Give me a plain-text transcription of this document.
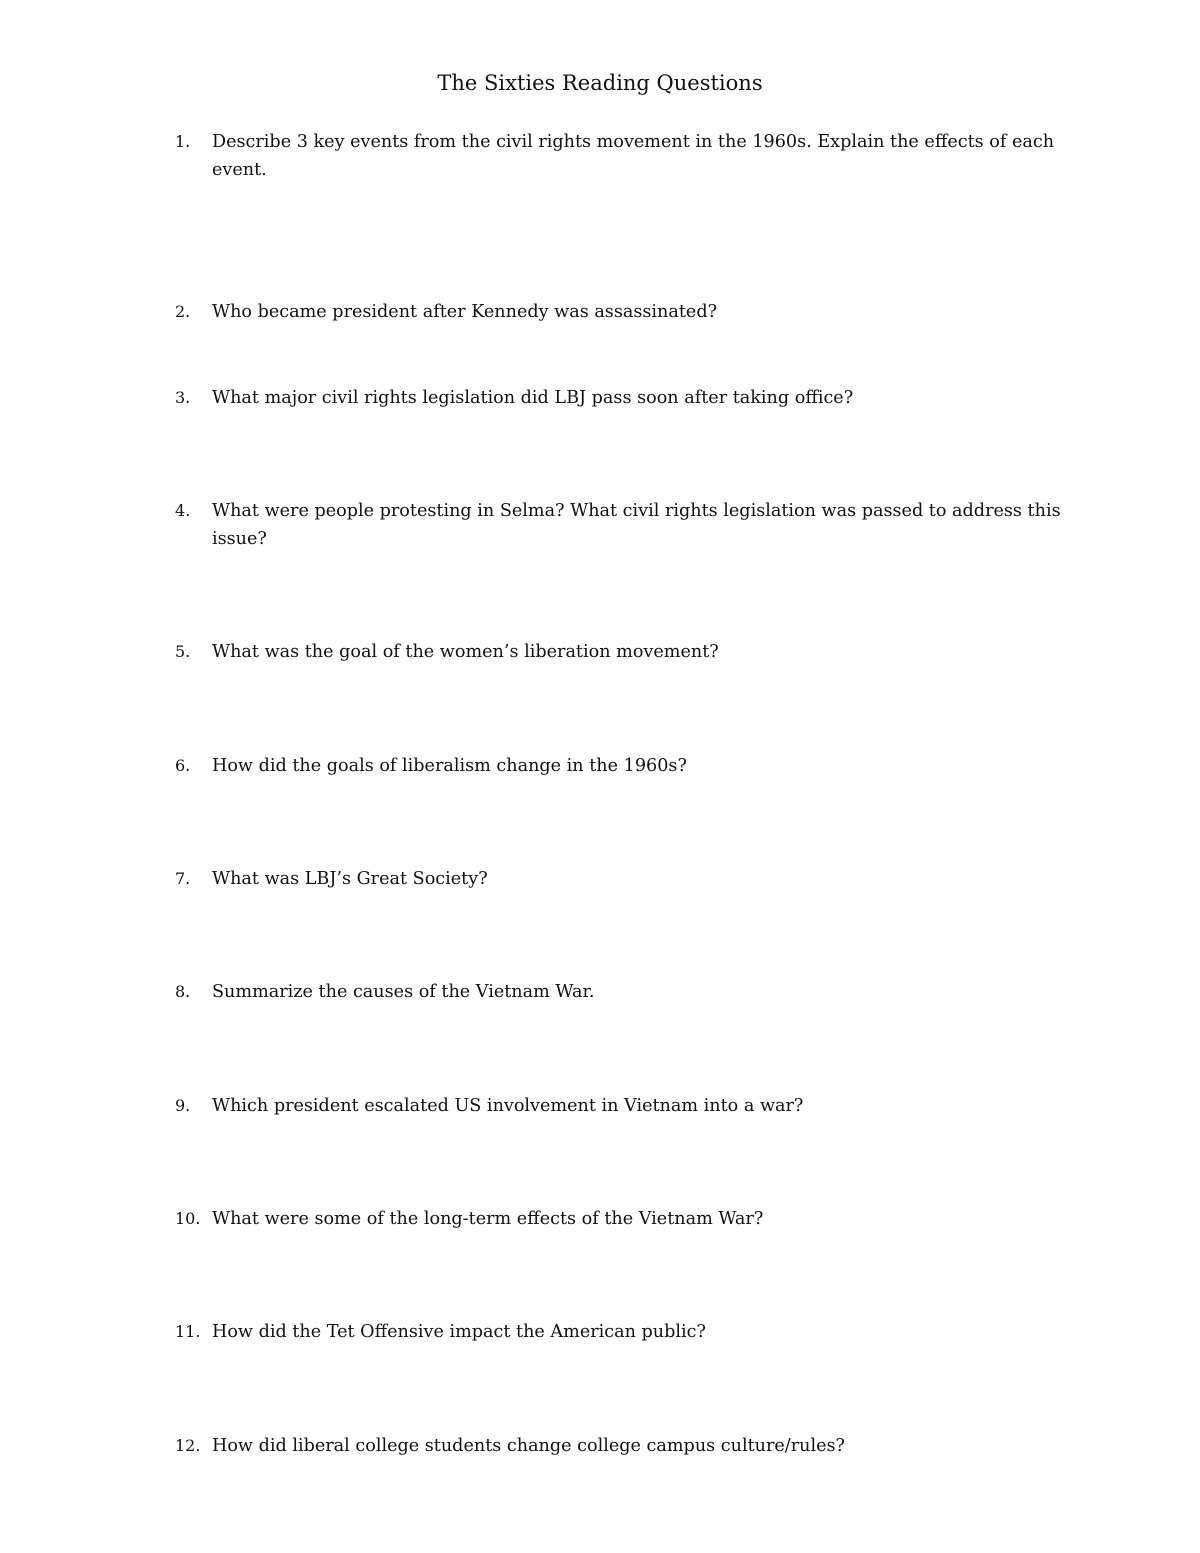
The Sixties Reading Questions
1.	Describe 3 key events from the civil rights movement in the 1960s. Explain the effects of each event.
2.	Who became president after Kennedy was assassinated?
3.	What major civil rights legislation did LBJ pass soon after taking office?
4.	What were people protesting in Selma? What civil rights legislation was passed to address this issue?
5.	What was the goal of the women’s liberation movement?
6.	How did the goals of liberalism change in the 1960s?
7.	What was LBJ’s Great Society?
8.	Summarize the causes of the Vietnam War.
9.	Which president escalated US involvement in Vietnam into a war?
10. What were some of the long-term effects of the Vietnam War?
11. How did the Tet Offensive impact the American public?
12. How did liberal college students change college campus culture/rules?
